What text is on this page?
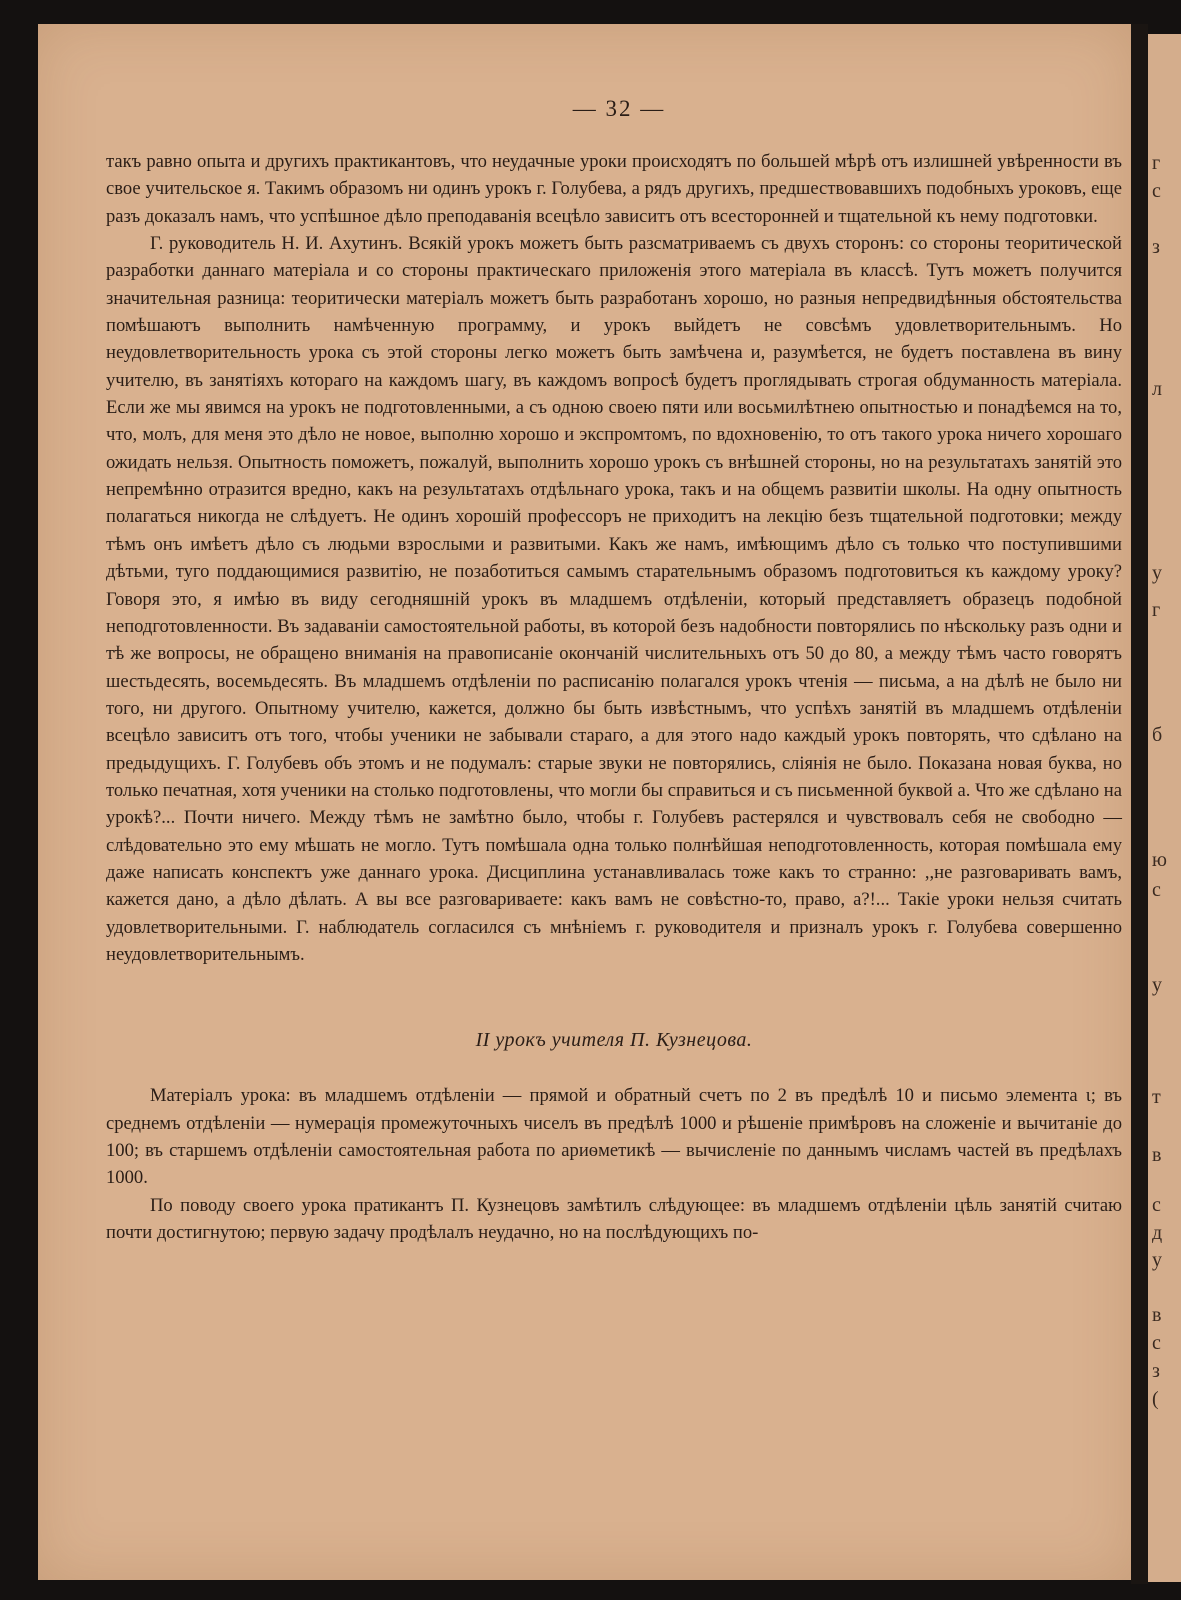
г
с
з
л
у
г
б
ю
с
у
т
в
с
д
у
в
с
з
(
— 32 —

такъ равно опыта и другихъ практикантовъ, что неудачные уроки происходятъ по большей мѣрѣ отъ излишней увѣренности въ свое учительское я. Такимъ образомъ ни одинъ урокъ г. Голубева, а рядъ другихъ, предшествовавшихъ подобныхъ уроковъ, еще разъ доказалъ намъ, что успѣшное дѣло преподаванія всецѣло зависитъ отъ всесторонней и тщательной къ нему подготовки.

Г. руководитель Н. И. Ахутинъ. Всякій урокъ можетъ быть разсматриваемъ съ двухъ сторонъ: со стороны теоритической разработки даннаго матеріала и со стороны практическаго приложенія этого матеріала въ классѣ. Тутъ можетъ получится значительная разница: теоритически матеріалъ можетъ быть разработанъ хорошо, но разныя непредвидѣнныя обстоятельства помѣшаютъ выполнить намѣченную программу, и урокъ выйдетъ не совсѣмъ удовлетворительнымъ. Но неудовлетворительность урока съ этой стороны легко можетъ быть замѣчена и, разумѣется, не будетъ поставлена въ вину учителю, въ занятіяхъ котораго на каждомъ шагу, въ каждомъ вопросѣ будетъ проглядывать строгая обдуманность матеріала. Если же мы явимся на урокъ не подготовленными, а съ одною своею пяти или восьмилѣтнею опытностью и понадѣемся на то, что, молъ, для меня это дѣло не новое, выполню хорошо и экспромтомъ, по вдохновенію, то отъ такого урока ничего хорошаго ожидать нельзя. Опытность поможетъ, пожалуй, выполнить хорошо урокъ съ внѣшней стороны, но на результатахъ занятій это непремѣнно отразится вредно, какъ на результатахъ отдѣльнаго урока, такъ и на общемъ развитіи школы. На одну опытность полагаться никогда не слѣдуетъ. Не одинъ хорошій профессоръ не приходитъ на лекцію безъ тщательной подготовки; между тѣмъ онъ имѣетъ дѣло съ людьми взрослыми и развитыми. Какъ же намъ, имѣющимъ дѣло съ только что поступившими дѣтьми, туго поддающимися развитію, не позаботиться самымъ старательнымъ образомъ подготовиться къ каждому уроку? Говоря это, я имѣю въ виду сегодняшній урокъ въ младшемъ отдѣленіи, который представляетъ образецъ подобной неподготовленности. Въ задаваніи самостоятельной работы, въ которой безъ надобности повторялись по нѣскольку разъ одни и тѣ же вопросы, не обращено вниманія на правописаніе окончаній числительныхъ отъ 50 до 80, а между тѣмъ часто говорятъ шестьдесять, восемьдесять. Въ младшемъ отдѣленіи по расписанію полагался урокъ чтенія — письма, а на дѣлѣ не было ни того, ни другого. Опытному учителю, кажется, должно бы быть извѣстнымъ, что успѣхъ занятій въ младшемъ отдѣленіи всецѣло зависитъ отъ того, чтобы ученики не забывали стараго, а для этого надо каждый урокъ повторять, что сдѣлано на предыдущихъ. Г. Голубевъ объ этомъ и не подумалъ: старые звуки не повторялись, сліянія не было. Показана новая буква, но только печатная, хотя ученики на столько подготовлены, что могли бы справиться и съ письменной буквой а. Что же сдѣлано на урокѣ?... Почти ничего. Между тѣмъ не замѣтно было, чтобы г. Голубевъ растерялся и чувствовалъ себя не свободно — слѣдовательно это ему мѣшать не могло. Тутъ помѣшала одна только полнѣйшая неподготовленность, которая помѣшала ему даже написать конспектъ уже даннаго урока. Дисциплина устанавливалась тоже какъ то странно: ,,не разговаривать вамъ, кажется дано, а дѣло дѣлать. А вы все разговариваете: какъ вамъ не совѣстно-то, право, а?!... Такіе уроки нельзя считать удовлетворительными. Г. наблюдатель согласился съ мнѣніемъ г. руководителя и призналъ урокъ г. Голубева совершенно неудовлетворительнымъ.

II урокъ учителя П. Кузнецова.

Матеріалъ урока: въ младшемъ отдѣленіи — прямой и обратный счетъ по 2 въ предѣлѣ 10 и письмо элемента ι; въ среднемъ отдѣленіи — нумерація промежуточныхъ чиселъ въ предѣлѣ 1000 и рѣшеніе примѣровъ на сложеніе и вычитаніе до 100; въ старшемъ отдѣленіи самостоятельная работа по ариѳметикѣ — вычисленіе по даннымъ числамъ частей въ предѣлахъ 1000.

По поводу своего урока пратикантъ П. Кузнецовъ замѣтилъ слѣдующее: въ младшемъ отдѣленіи цѣль занятій считаю почти достигнутою; первую задачу продѣлалъ неудачно, но на послѣдующихъ по-
